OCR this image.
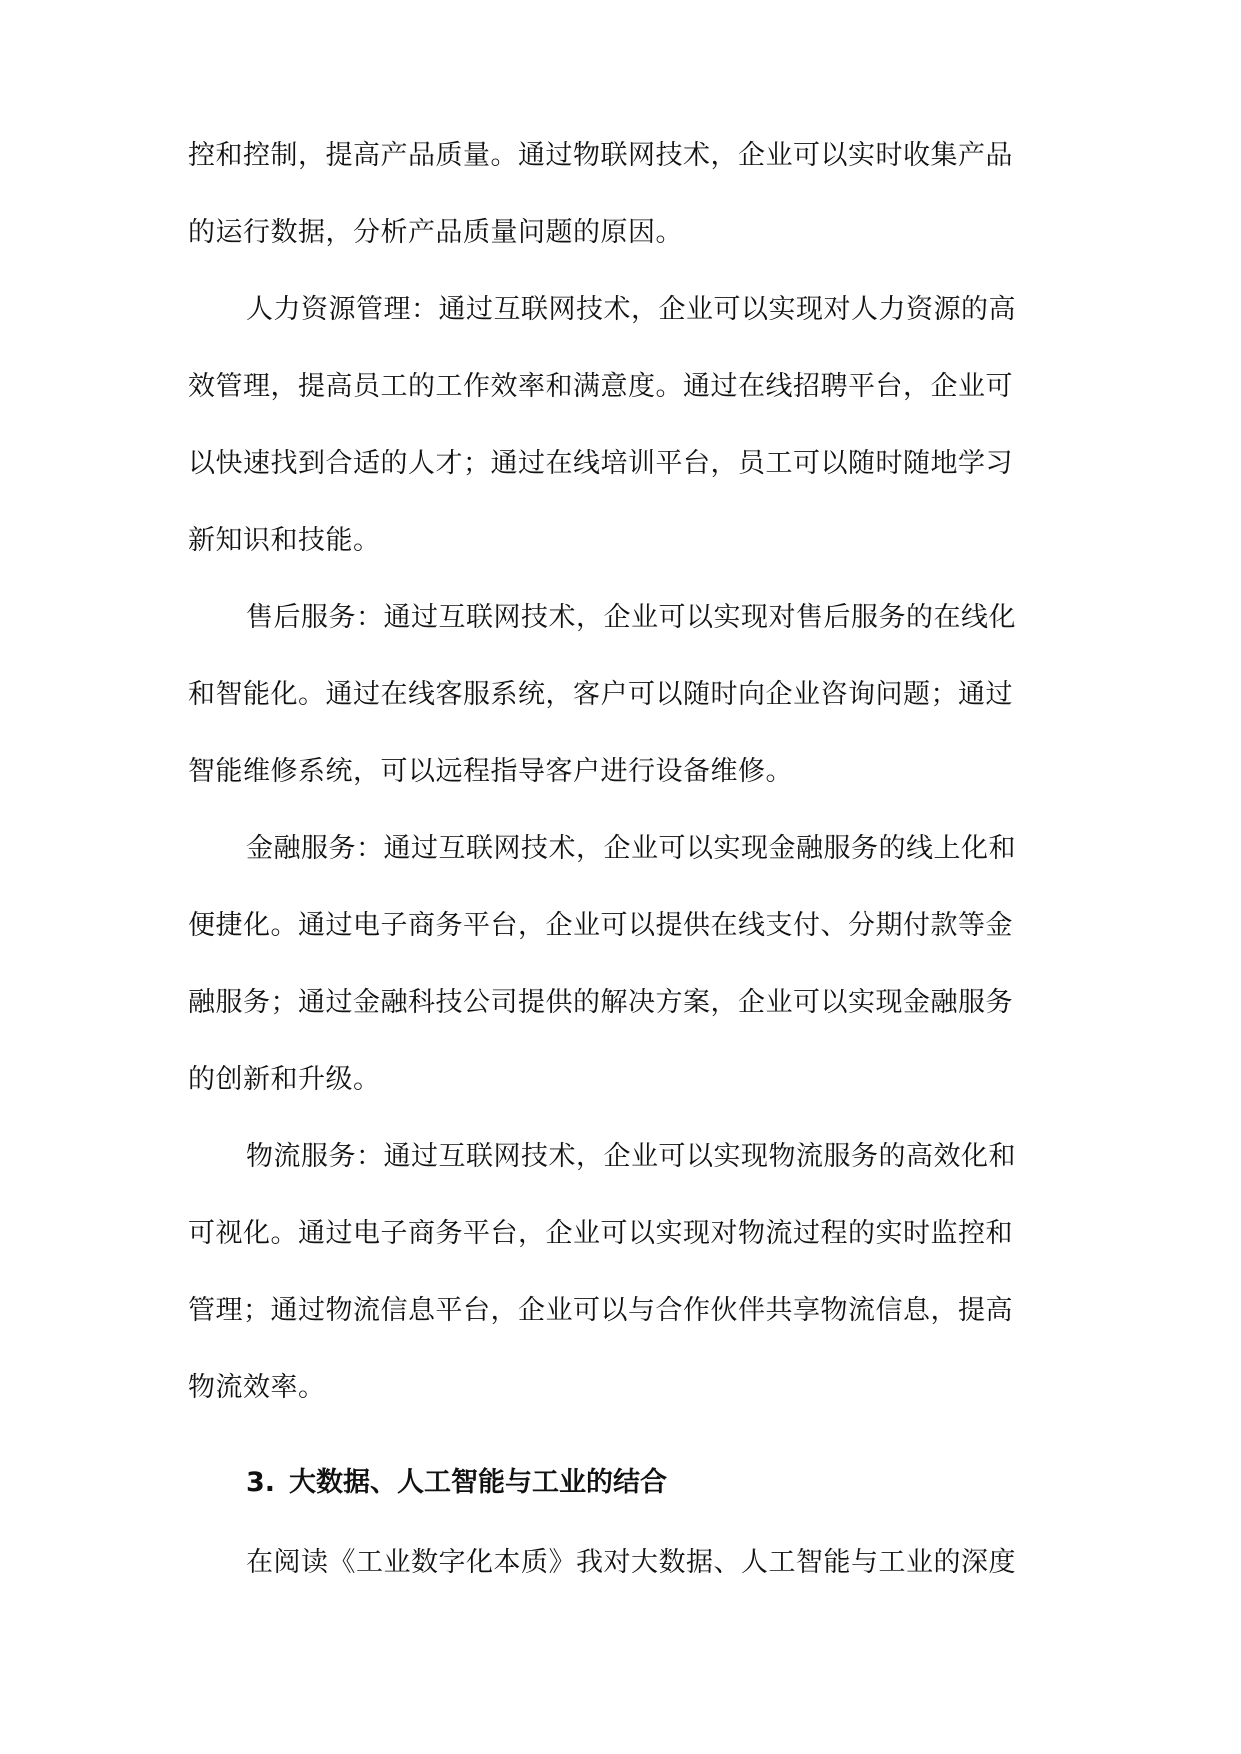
控和控制，提高产品质量。通过物联网技术，企业可以实时收集产品
的运行数据，分析产品质量问题的原因。

人力资源管理：通过互联网技术，企业可以实现对人力资源的高
效管理，提高员工的工作效率和满意度。通过在线招聘平台，企业可
以快速找到合适的人才；通过在线培训平台，员工可以随时随地学习
新知识和技能。

售后服务：通过互联网技术，企业可以实现对售后服务的在线化
和智能化。通过在线客服系统，客户可以随时向企业咨询问题；通过
智能维修系统，可以远程指导客户进行设备维修。

金融服务：通过互联网技术，企业可以实现金融服务的线上化和
便捷化。通过电子商务平台，企业可以提供在线支付、分期付款等金
融服务；通过金融科技公司提供的解决方案，企业可以实现金融服务
的创新和升级。

物流服务：通过互联网技术，企业可以实现物流服务的高效化和
可视化。通过电子商务平台，企业可以实现对物流过程的实时监控和
管理；通过物流信息平台，企业可以与合作伙伴共享物流信息，提高
物流效率。

3. 大数据、人工智能与工业的结合

在阅读《工业数字化本质》我对大数据、人工智能与工业的深度
